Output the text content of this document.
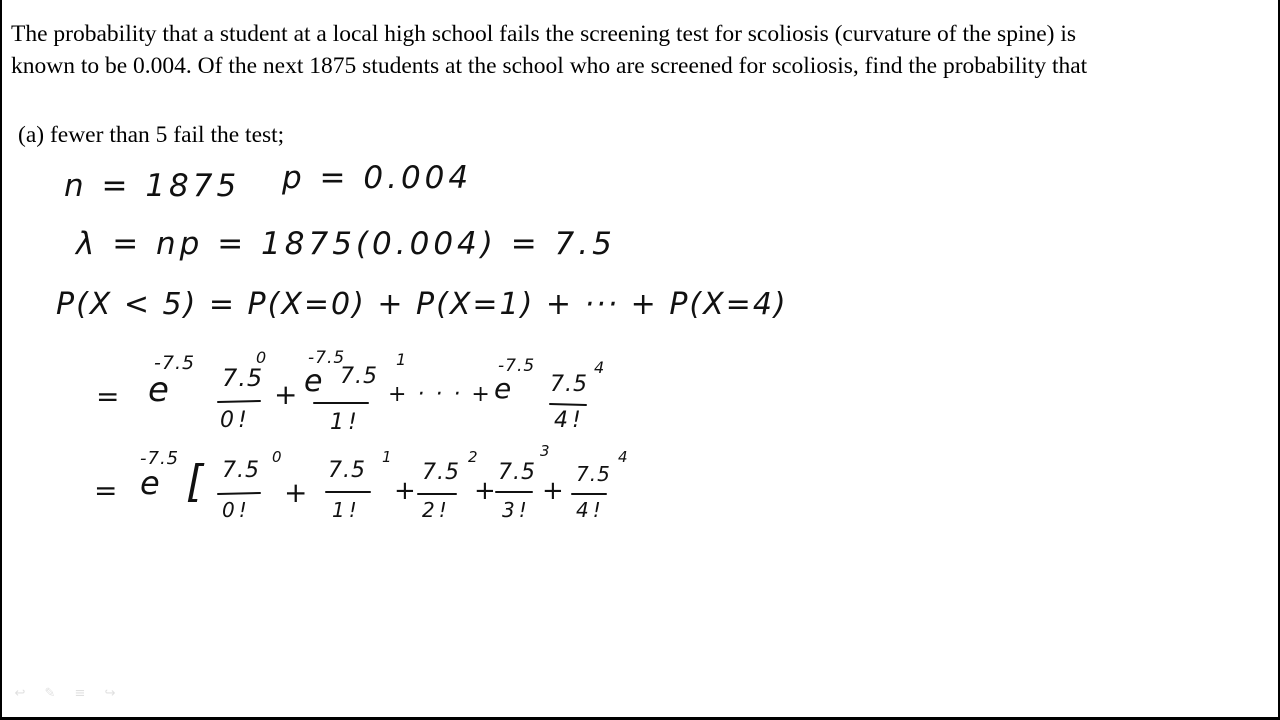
The probability that a student at a local high school fails the screening test for scoliosis (curvature of the spine) is

known to be 0.004. Of the next 1875 students at the school who are screened for scoliosis, find the probability that

(a) fewer than 5 fail the test;
n = 1875 p = 0.004
λ = np = 1875(0.004) = 7.5
P(X < 5) = P(X=0) + P(X=1) + ··· + P(X=4)
= e
-7.5
7.5
0
0!
+
-7.5
e 7.5
1
1!
+ · · · + e
-7.5
7.5
4
4!
= e
-7.5 [ 7.5
0
0!
+
7.5
1
1!
+
7.5
2
2!
+
7.5
3
3!
+
7.5
4
4!
↩	✎	≡	↪
